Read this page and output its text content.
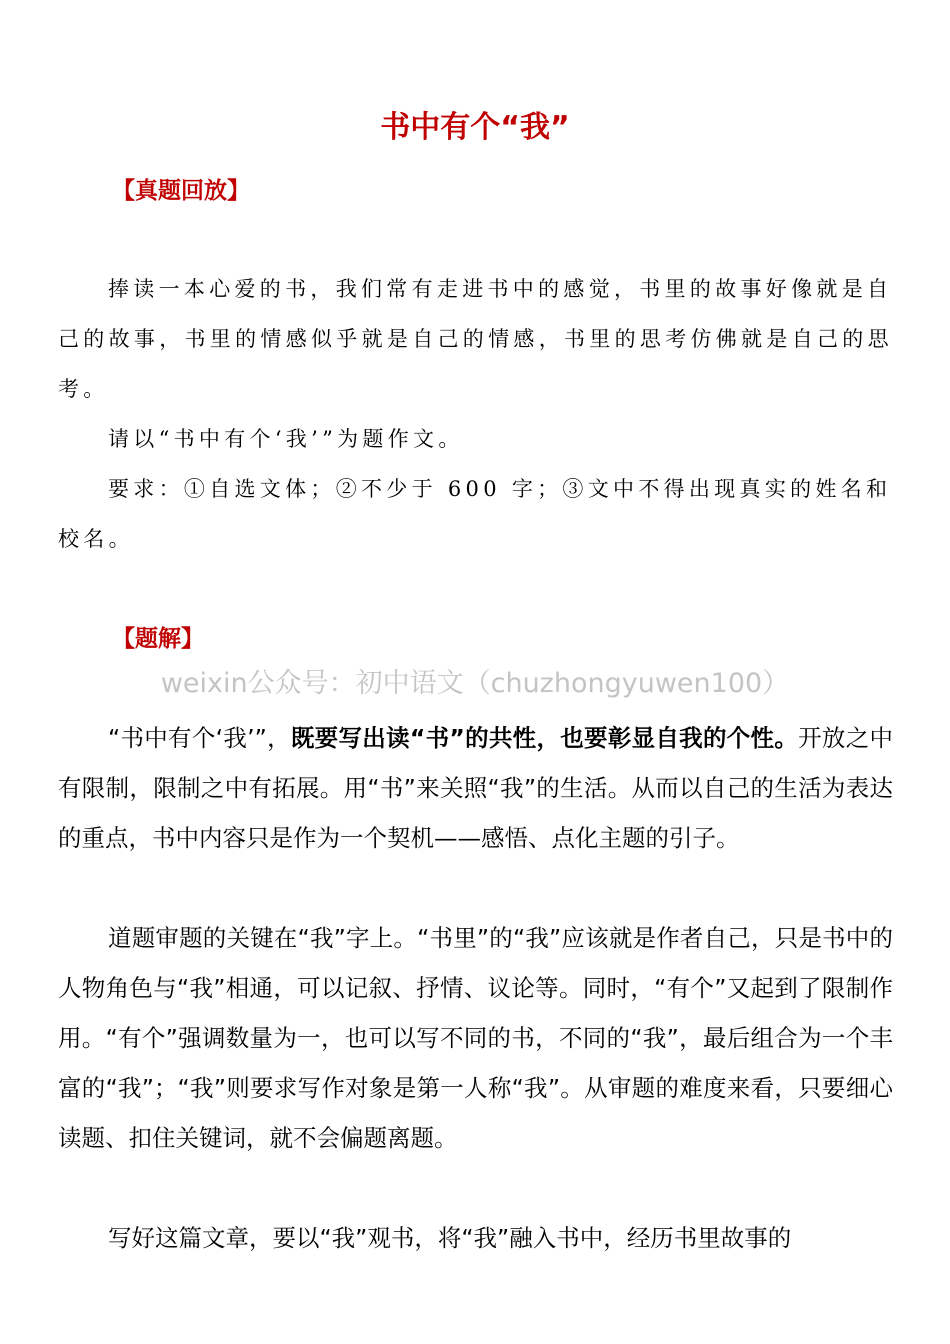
书中有个“我”
【真题回放】

捧读一本心爱的书，我们常有走进书中的感觉，书里的故事好像就是自己的故事，书里的情感似乎就是自己的情感，书里的思考仿佛就是自己的思考。

请以“书中有个‘我’”为题作文。

要求：①自选文体；②不少于 600 字；③文中不得出现真实的姓名和校名。

【题解】
weixin公众号：初中语文（chuzhongyuwen100）

“书中有个‘我’”，既要写出读“书”的共性，也要彰显自我的个性。开放之中有限制，限制之中有拓展。用“书”来关照“我”的生活。从而以自己的生活为表达的重点，书中内容只是作为一个契机——感悟、点化主题的引子。

道题审题的关键在“我”字上。“书里”的“我”应该就是作者自己，只是书中的人物角色与“我”相通，可以记叙、抒情、议论等。同时，“有个”又起到了限制作用。“有个”强调数量为一，也可以写不同的书，不同的“我”，最后组合为一个丰富的“我”；“我”则要求写作对象是第一人称“我”。从审题的难度来看，只要细心读题、扣住关键词，就不会偏题离题。

写好这篇文章，要以“我”观书，将“我”融入书中，经历书里故事的
